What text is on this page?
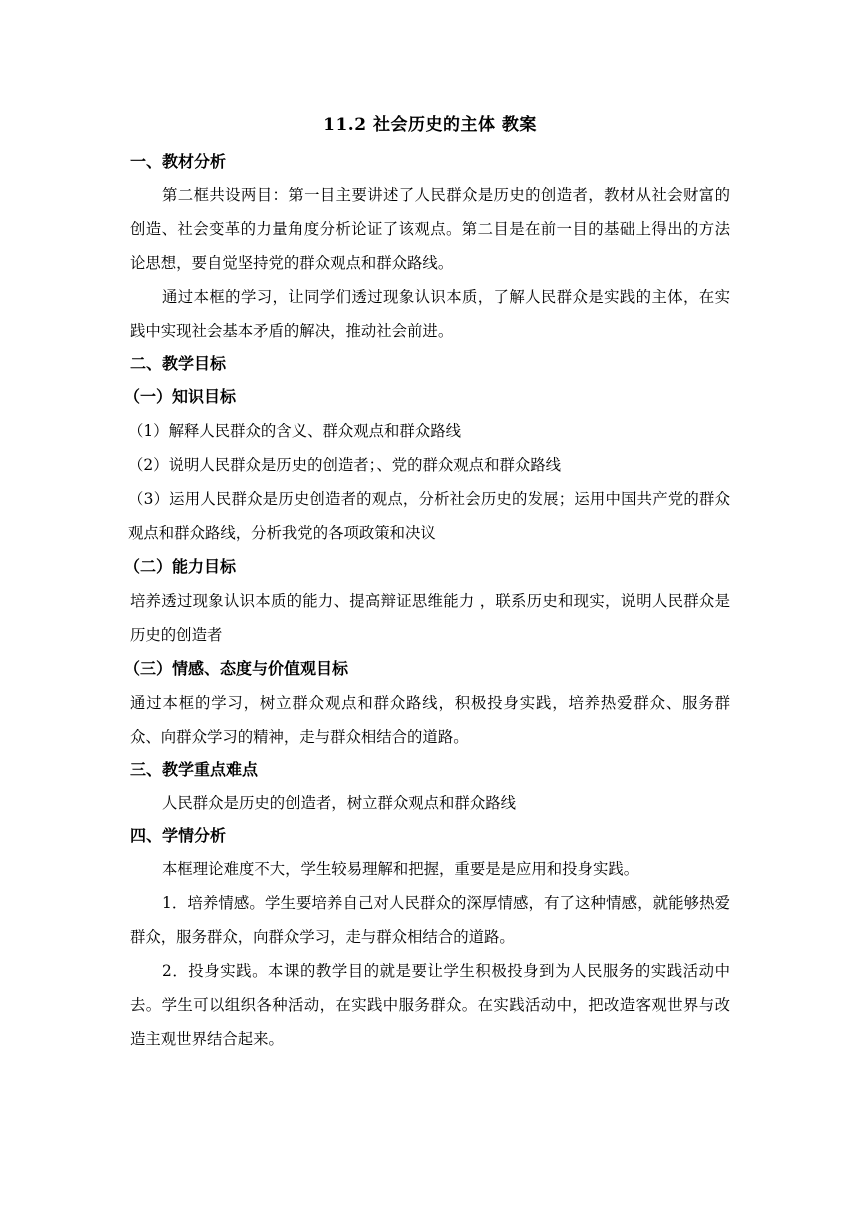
11.2 社会历史的主体 教案
一、教材分析
第二框共设两目：第一目主要讲述了人民群众是历史的创造者，教材从社会财富的创造、社会变革的力量角度分析论证了该观点。第二目是在前一目的基础上得出的方法论思想，要自觉坚持党的群众观点和群众路线。
通过本框的学习，让同学们透过现象认识本质，了解人民群众是实践的主体，在实践中实现社会基本矛盾的解决，推动社会前进。
二、教学目标
（一）知识目标
（1）解释人民群众的含义、群众观点和群众路线
（2）说明人民群众是历史的创造者；、党的群众观点和群众路线
（3）运用人民群众是历史创造者的观点，分析社会历史的发展；运用中国共产党的群众观点和群众路线，分析我党的各项政策和决议
（二）能力目标
培养透过现象认识本质的能力、提高辩证思维能力 ，联系历史和现实，说明人民群众是历史的创造者
（三）情感、态度与价值观目标
通过本框的学习，树立群众观点和群众路线，积极投身实践，培养热爱群众、服务群众、向群众学习的精神，走与群众相结合的道路。
三、教学重点难点
人民群众是历史的创造者，树立群众观点和群众路线
四、学情分析
本框理论难度不大，学生较易理解和把握，重要是是应用和投身实践。
1．培养情感。学生要培养自己对人民群众的深厚情感，有了这种情感，就能够热爱群众，服务群众，向群众学习，走与群众相结合的道路。
2．投身实践。本课的教学目的就是要让学生积极投身到为人民服务的实践活动中去。学生可以组织各种活动，在实践中服务群众。在实践活动中，把改造客观世界与改造主观世界结合起来。
